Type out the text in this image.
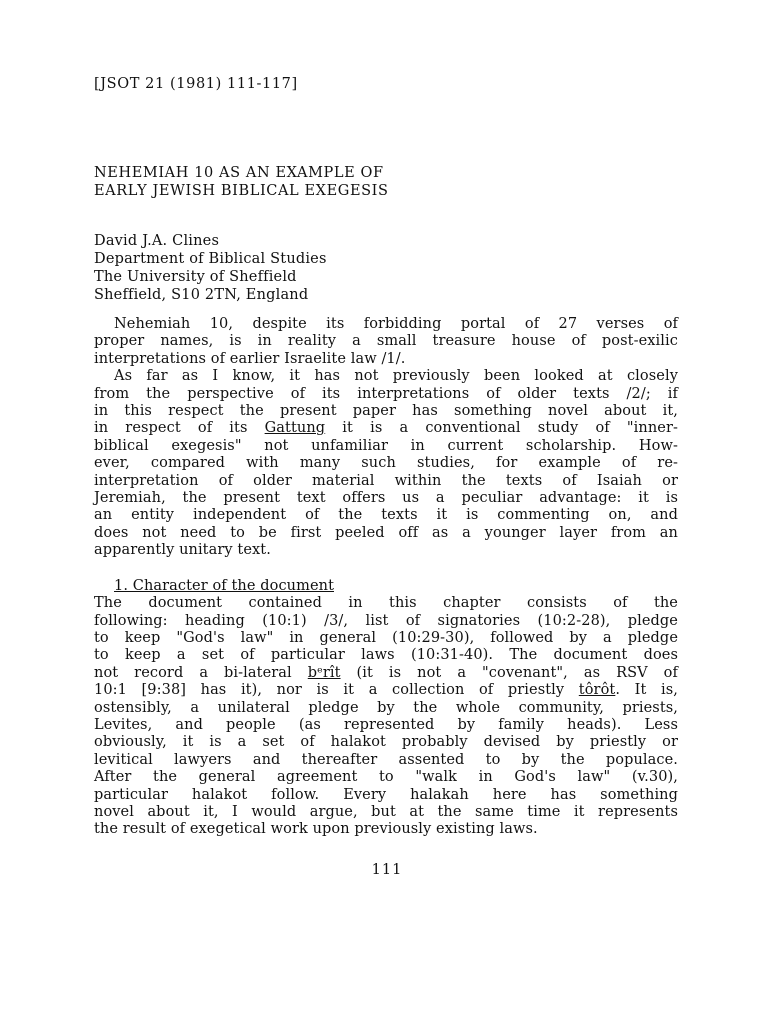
[JSOT 21 (1981) 111-117]
NEHEMIAH 10 AS AN EXAMPLE OF
EARLY JEWISH BIBLICAL EXEGESIS
David J.A. Clines
Department of Biblical Studies
The University of Sheffield
Sheffield, S10 2TN, England

Nehemiah 10, despite its forbidding portal of 27 verses of
proper names, is in reality a small treasure house of post-exilic
interpretations of earlier Israelite law /1/.

As far as I know, it has not previously been looked at closely
from the perspective of its interpretations of older texts /2/; if
in this respect the present paper has something novel about it,
in respect of its Gattung it is a conventional study of "inner-
biblical exegesis" not unfamiliar in current scholarship. How-
ever, compared with many such studies, for example of re-
interpretation of older material within the texts of Isaiah or
Jeremiah, the present text offers us a peculiar advantage: it is
an entity independent of the texts it is commenting on, and
does not need to be first peeled off as a younger layer from an
apparently unitary text.

1. Character of the document

The document contained in this chapter consists of the
following: heading (10:1) /3/, list of signatories (10:2-28), pledge
to keep "God's law" in general (10:29-30), followed by a pledge
to keep a set of particular laws (10:31-40). The document does
not record a bi-lateral bᵉrît (it is not a "covenant", as RSV of
10:1 [9:38] has it), nor is it a collection of priestly tôrôt. It is,
ostensibly, a unilateral pledge by the whole community, priests,
Levites, and people (as represented by family heads). Less
obviously, it is a set of halakot probably devised by priestly or
levitical lawyers and thereafter assented to by the populace.
After the general agreement to "walk in God's law" (v.30),
particular halakot follow. Every halakah here has something
novel about it, I would argue, but at the same time it represents
the result of exegetical work upon previously existing laws.

111
